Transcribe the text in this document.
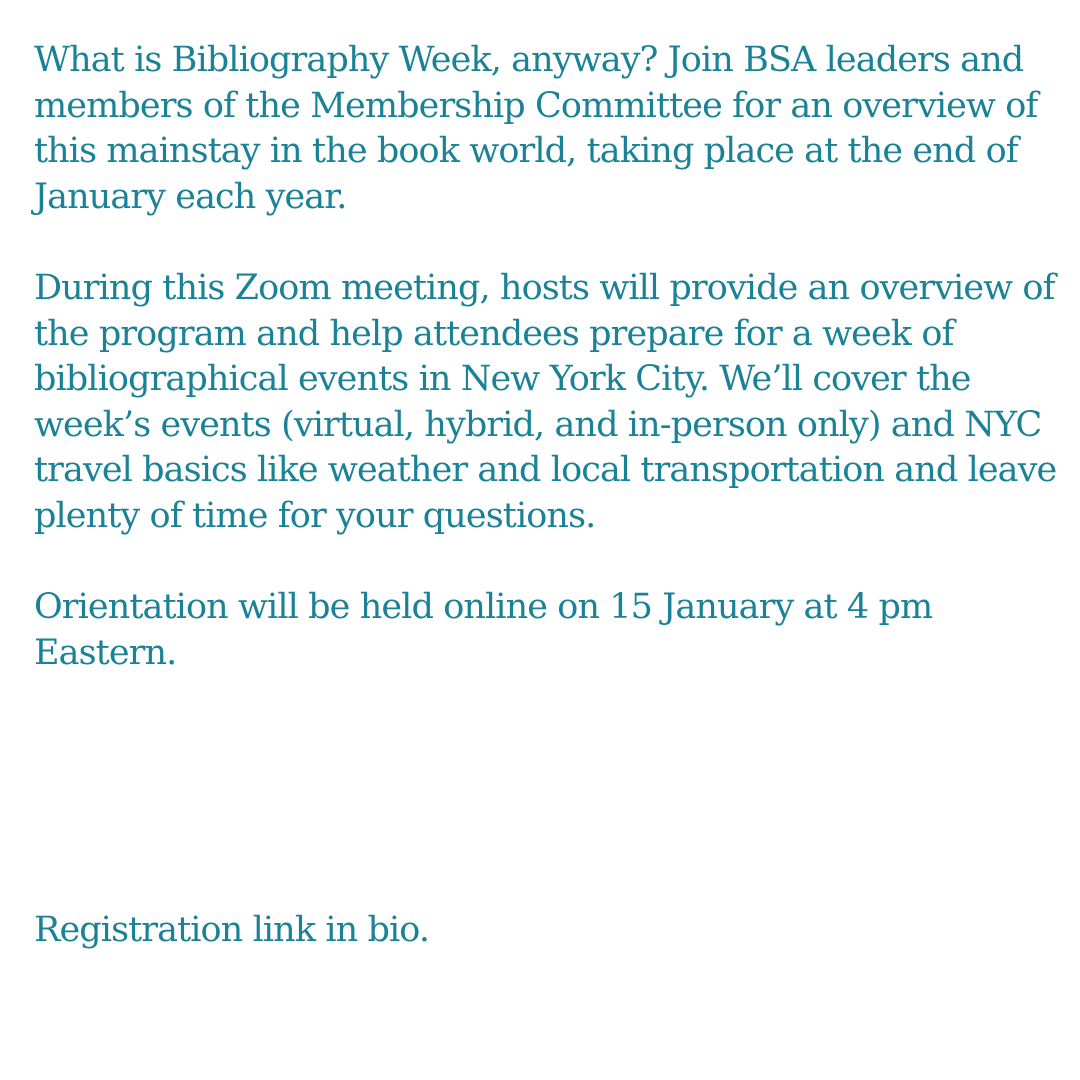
What is Bibliography Week, anyway? Join BSA leaders and members of the Membership Committee for an overview of this mainstay in the book world, taking place at the end of January each year.

During this Zoom meeting, hosts will provide an overview of the program and help attendees prepare for a week of bibliographical events in New York City. We’ll cover the week’s events (virtual, hybrid, and in-person only) and NYC travel basics like weather and local transportation and leave plenty of time for your questions.

Orientation will be held online on 15 January at 4 pm Eastern.

Registration link in bio.
